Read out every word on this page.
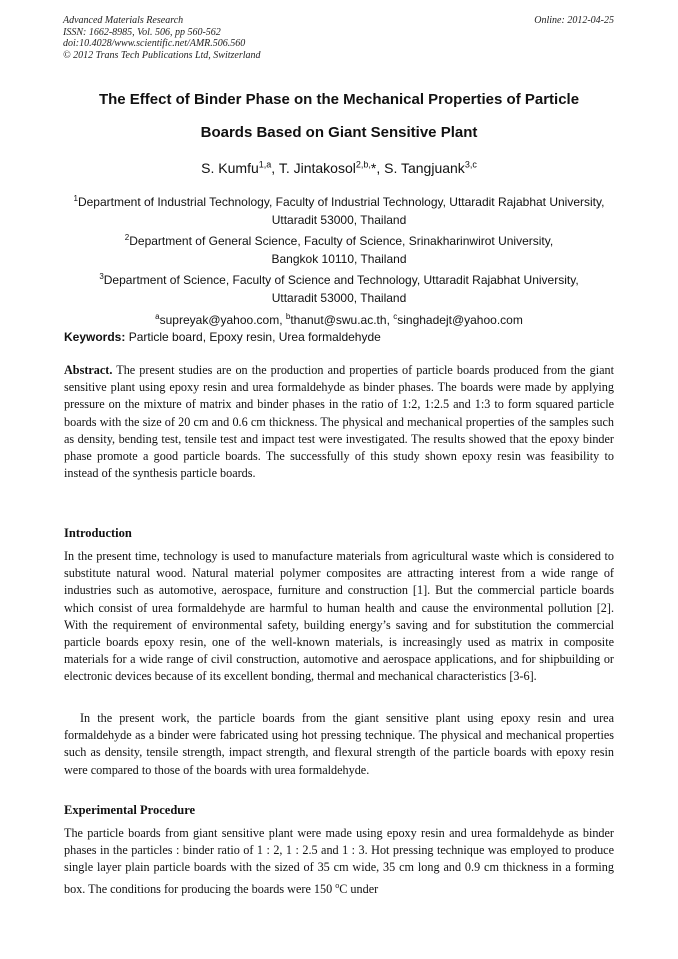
Advanced Materials Research
ISSN: 1662-8985, Vol. 506, pp 560-562
doi:10.4028/www.scientific.net/AMR.506.560
© 2012 Trans Tech Publications Ltd, Switzerland
Online: 2012-04-25
The Effect of Binder Phase on the Mechanical Properties of Particle
Boards Based on Giant Sensitive Plant
S. Kumfu$^{1,a}$, T. Jintakosol$^{2,b,}$*, S. Tangjuank$^{3,c}$
$^1$Department of Industrial Technology, Faculty of Industrial Technology, Uttaradit Rajabhat University,
Uttaradit 53000, Thailand
$^2$Department of General Science, Faculty of Science, Srinakharinwirot University,
Bangkok 10110, Thailand
$^3$Department of Science, Faculty of Science and Technology, Uttaradit Rajabhat University,
Uttaradit 53000, Thailand
$^a$supreyak@yahoo.com, $^b$thanut@swu.ac.th, $^c$singhadejt@yahoo.com
Keywords: Particle board, Epoxy resin, Urea formaldehyde
Abstract. The present studies are on the production and properties of particle boards produced from the giant sensitive plant using epoxy resin and urea formaldehyde as binder phases. The boards were made by applying pressure on the mixture of matrix and binder phases in the ratio of 1:2, 1:2.5 and 1:3 to form squared particle boards with the size of 20 cm and 0.6 cm thickness. The physical and mechanical properties of the samples such as density, bending test, tensile test and impact test were investigated. The results showed that the epoxy binder phase promote a good particle boards. The successfully of this study shown epoxy resin was feasibility to instead of the synthesis particle boards.
Introduction
In the present time, technology is used to manufacture materials from agricultural waste which is considered to substitute natural wood. Natural material polymer composites are attracting interest from a wide range of industries such as automotive, aerospace, furniture and construction [1]. But the commercial particle boards which consist of urea formaldehyde are harmful to human health and cause the environmental pollution [2]. With the requirement of environmental safety, building energy’s saving and for substitution the commercial particle boards epoxy resin, one of the well-known materials, is increasingly used as matrix in composite materials for a wide range of civil construction, automotive and aerospace applications, and for shipbuilding or electronic devices because of its excellent bonding, thermal and mechanical characteristics [3-6].
In the present work, the particle boards from the giant sensitive plant using epoxy resin and urea formaldehyde as a binder were fabricated using hot pressing technique. The physical and mechanical properties such as density, tensile strength, impact strength, and flexural strength of the particle boards with epoxy resin were compared to those of the boards with urea formaldehyde.
Experimental Procedure
The particle boards from giant sensitive plant were made using epoxy resin and urea formaldehyde as binder phases in the particles : binder ratio of 1 : 2, 1 : 2.5 and 1 : 3. Hot pressing technique was employed to produce single layer plain particle boards with the sized of 35 cm wide, 35 cm long and 0.9 cm thickness in a forming box. The conditions for producing the boards were 150 $^o$C under
